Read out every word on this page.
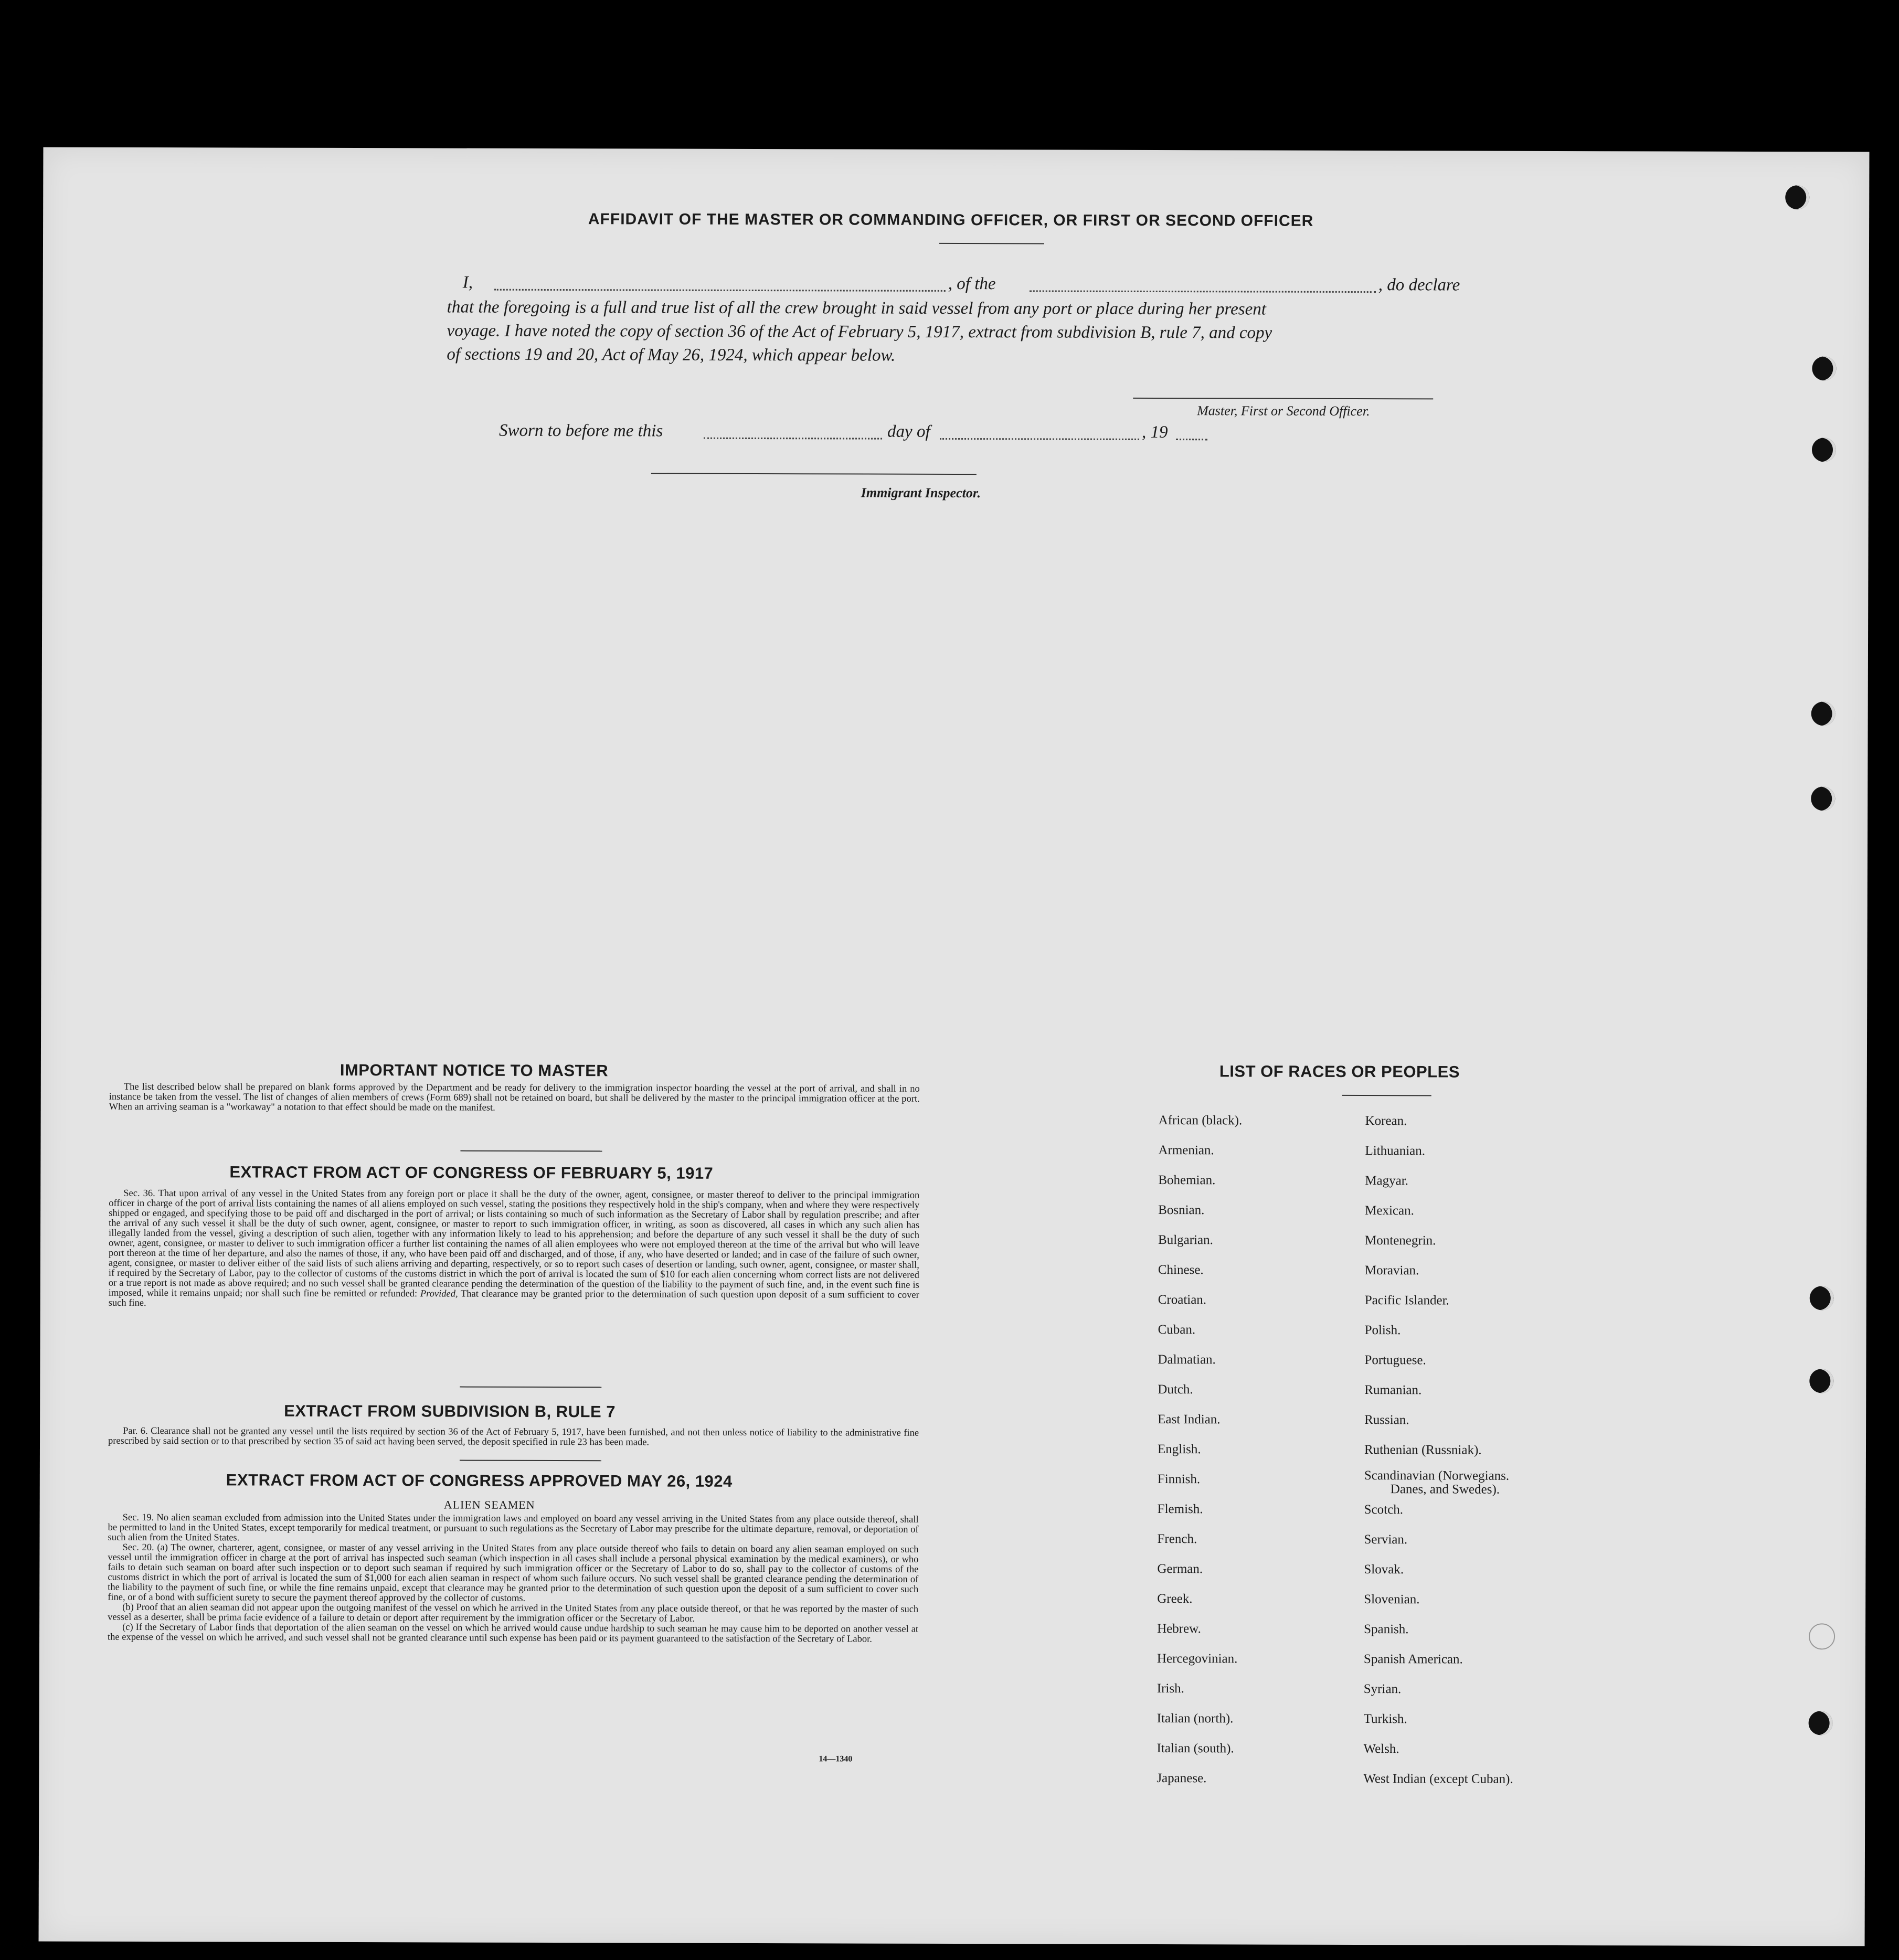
AFFIDAVIT OF THE MASTER OR COMMANDING OFFICER, OR FIRST OR SECOND OFFICER
I,	, of the	, do declare
that the foregoing is a full and true list of all the crew brought in said vessel from any port or place during her present
voyage. I have noted the copy of section 36 of the Act of February 5, 1917, extract from subdivision B, rule 7, and copy
of sections 19 and 20, Act of May 26, 1924, which appear below.
Master, First or Second Officer.
Sworn to before me this	day of	, 19
Immigrant Inspector.
IMPORTANT NOTICE TO MASTER

The list described below shall be prepared on blank forms approved by the Department and be ready for delivery to the immigration inspector boarding the vessel at the port of arrival, and shall in no instance be taken from the vessel. The list of changes of alien members of crews (Form 689) shall not be retained on board, but shall be delivered by the master to the principal immigration officer at the port. When an arriving seaman is a "workaway" a notation to that effect should be made on the manifest.

EXTRACT FROM ACT OF CONGRESS OF FEBRUARY 5, 1917

Sec. 36. That upon arrival of any vessel in the United States from any foreign port or place it shall be the duty of the owner, agent, consignee, or master thereof to deliver to the principal immigration officer in charge of the port of arrival lists containing the names of all aliens employed on such vessel, stating the positions they respectively hold in the ship's company, when and where they were respectively shipped or engaged, and specifying those to be paid off and discharged in the port of arrival; or lists containing so much of such information as the Secretary of Labor shall by regulation prescribe; and after the arrival of any such vessel it shall be the duty of such owner, agent, consignee, or master to report to such immigration officer, in writing, as soon as discovered, all cases in which any such alien has illegally landed from the vessel, giving a description of such alien, together with any information likely to lead to his apprehension; and before the departure of any such vessel it shall be the duty of such owner, agent, consignee, or master to deliver to such immigration officer a further list containing the names of all alien employees who were not employed thereon at the time of the arrival but who will leave port thereon at the time of her departure, and also the names of those, if any, who have been paid off and discharged, and of those, if any, who have deserted or landed; and in case of the failure of such owner, agent, consignee, or master to deliver either of the said lists of such aliens arriving and departing, respectively, or so to report such cases of desertion or landing, such owner, agent, consignee, or master shall, if required by the Secretary of Labor, pay to the collector of customs of the customs district in which the port of arrival is located the sum of $10 for each alien concerning whom correct lists are not delivered or a true report is not made as above required; and no such vessel shall be granted clearance pending the determination of the question of the liability to the payment of such fine, and, in the event such fine is imposed, while it remains unpaid; nor shall such fine be remitted or refunded: Provided, That clearance may be granted prior to the determination of such question upon deposit of a sum sufficient to cover such fine.

EXTRACT FROM SUBDIVISION B, RULE 7

Par. 6. Clearance shall not be granted any vessel until the lists required by section 36 of the Act of February 5, 1917, have been furnished, and not then unless notice of liability to the administrative fine prescribed by said section or to that prescribed by section 35 of said act having been served, the deposit specified in rule 23 has been made.

EXTRACT FROM ACT OF CONGRESS APPROVED MAY 26, 1924
ALIEN SEAMEN

Sec. 19. No alien seaman excluded from admission into the United States under the immigration laws and employed on board any vessel arriving in the United States from any place outside thereof, shall be permitted to land in the United States, except temporarily for medical treatment, or pursuant to such regulations as the Secretary of Labor may prescribe for the ultimate departure, removal, or deportation of such alien from the United States.

Sec. 20. (a) The owner, charterer, agent, consignee, or master of any vessel arriving in the United States from any place outside thereof who fails to detain on board any alien seaman employed on such vessel until the immigration officer in charge at the port of arrival has inspected such seaman (which inspection in all cases shall include a personal physical examination by the medical examiners), or who fails to detain such seaman on board after such inspection or to deport such seaman if required by such immigration officer or the Secretary of Labor to do so, shall pay to the collector of customs of the customs district in which the port of arrival is located the sum of $1,000 for each alien seaman in respect of whom such failure occurs. No such vessel shall be granted clearance pending the determination of the liability to the payment of such fine, or while the fine remains unpaid, except that clearance may be granted prior to the determination of such question upon the deposit of a sum sufficient to cover such fine, or of a bond with sufficient surety to secure the payment thereof approved by the collector of customs.

(b) Proof that an alien seaman did not appear upon the outgoing manifest of the vessel on which he arrived in the United States from any place outside thereof, or that he was reported by the master of such vessel as a deserter, shall be prima facie evidence of a failure to detain or deport after requirement by the immigration officer or the Secretary of Labor.

(c) If the Secretary of Labor finds that deportation of the alien seaman on the vessel on which he arrived would cause undue hardship to such seaman he may cause him to be deported on another vessel at the expense of the vessel on which he arrived, and such vessel shall not be granted clearance until such expense has been paid or its payment guaranteed to the satisfaction of the Secretary of Labor.

14—1340
LIST OF RACES OR PEOPLES
African (black).
Armenian.
Bohemian.
Bosnian.
Bulgarian.
Chinese.
Croatian.
Cuban.
Dalmatian.
Dutch.
East Indian.
English.
Finnish.
Flemish.
French.
German.
Greek.
Hebrew.
Hercegovinian.
Irish.
Italian (north).
Italian (south).
Japanese.
Korean.
Lithuanian.
Magyar.
Mexican.
Montenegrin.
Moravian.
Pacific Islander.
Polish.
Portuguese.
Rumanian.
Russian.
Ruthenian (Russniak).
Scandinavian (Norwegians.
Danes, and Swedes).
Scotch.
Servian.
Slovak.
Slovenian.
Spanish.
Spanish American.
Syrian.
Turkish.
Welsh.
West Indian (except Cuban).
